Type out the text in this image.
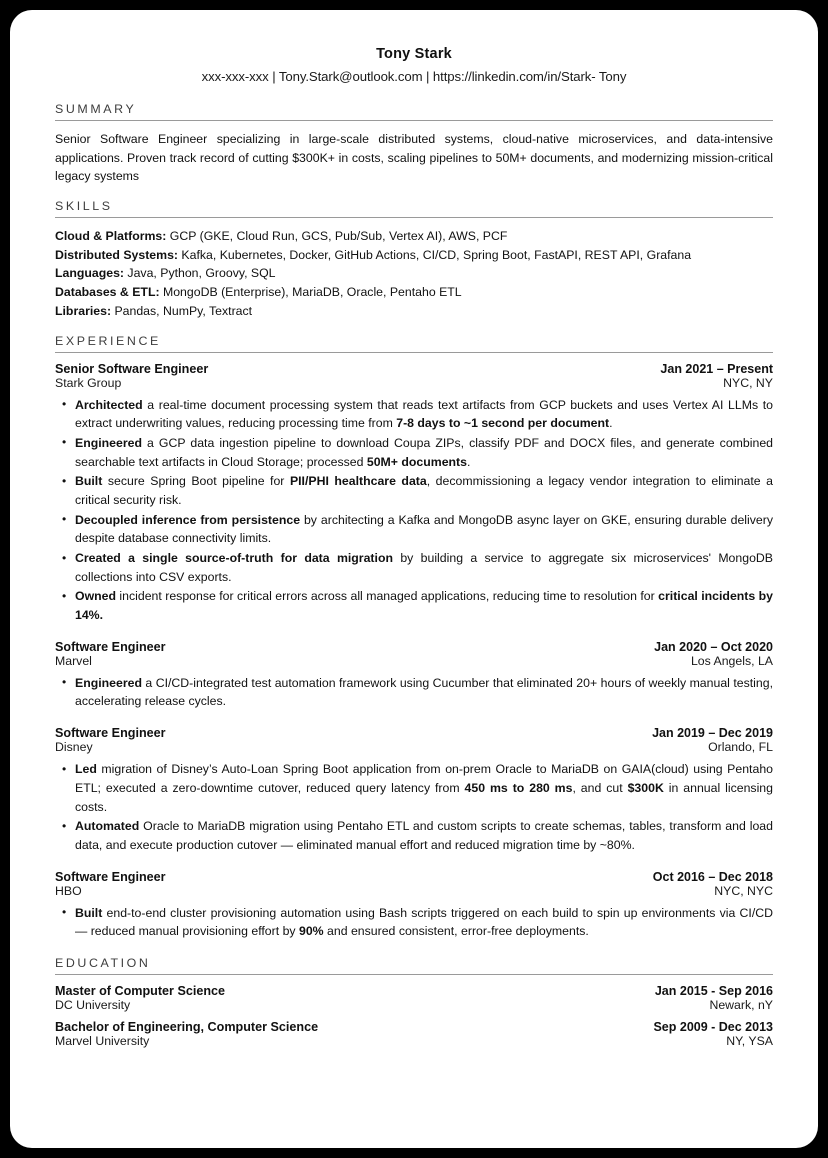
Tony Stark
xxx-xxx-xxx | Tony.Stark@outlook.com | https://linkedin.com/in/Stark- Tony
SUMMARY

Senior Software Engineer specializing in large-scale distributed systems, cloud-native microservices, and data-intensive applications. Proven track record of cutting $300K+ in costs, scaling pipelines to 50M+ documents, and modernizing mission-critical legacy systems

SKILLS
Cloud & Platforms: GCP (GKE, Cloud Run, GCS, Pub/Sub, Vertex AI), AWS, PCF
Distributed Systems: Kafka, Kubernetes, Docker, GitHub Actions, CI/CD, Spring Boot, FastAPI, REST API, Grafana
Languages: Java, Python, Groovy, SQL
Databases & ETL: MongoDB (Enterprise), MariaDB, Oracle, Pentaho ETL
Libraries: Pandas, NumPy, Textract
EXPERIENCE
Senior Software Engineer	Jan 2021 – Present
Stark Group	NYC, NY
• Architected a real-time document processing system that reads text artifacts from GCP buckets and uses Vertex AI LLMs to extract underwriting values, reducing processing time from 7-8 days to ~1 second per document.
• Engineered a GCP data ingestion pipeline to download Coupa ZIPs, classify PDF and DOCX files, and generate combined searchable text artifacts in Cloud Storage; processed 50M+ documents.
• Built secure Spring Boot pipeline for PII/PHI healthcare data, decommissioning a legacy vendor integration to eliminate a critical security risk.
• Decoupled inference from persistence by architecting a Kafka and MongoDB async layer on GKE, ensuring durable delivery despite database connectivity limits.
• Created a single source-of-truth for data migration by building a service to aggregate six microservices' MongoDB collections into CSV exports.
• Owned incident response for critical errors across all managed applications, reducing time to resolution for critical incidents by 14%.
Software Engineer	Jan 2020 – Oct 2020
Marvel	Los Angels, LA
• Engineered a CI/CD-integrated test automation framework using Cucumber that eliminated 20+ hours of weekly manual testing, accelerating release cycles.
Software Engineer	Jan 2019 – Dec 2019
Disney	Orlando, FL
• Led migration of Disney’s Auto-Loan Spring Boot application from on-prem Oracle to MariaDB on GAIA(cloud) using Pentaho ETL; executed a zero-downtime cutover, reduced query latency from 450 ms to 280 ms, and cut $300K in annual licensing costs.
• Automated Oracle to MariaDB migration using Pentaho ETL and custom scripts to create schemas, tables, transform and load data, and execute production cutover — eliminated manual effort and reduced migration time by ~80%.
Software Engineer	Oct 2016 – Dec 2018
HBO	NYC, NYC
• Built end-to-end cluster provisioning automation using Bash scripts triggered on each build to spin up environments via CI/CD — reduced manual provisioning effort by 90% and ensured consistent, error-free deployments.
EDUCATION
Master of Computer Science	Jan 2015 - Sep 2016
DC University	Newark, nY
Bachelor of Engineering, Computer Science	Sep 2009 - Dec 2013
Marvel University	NY, YSA
